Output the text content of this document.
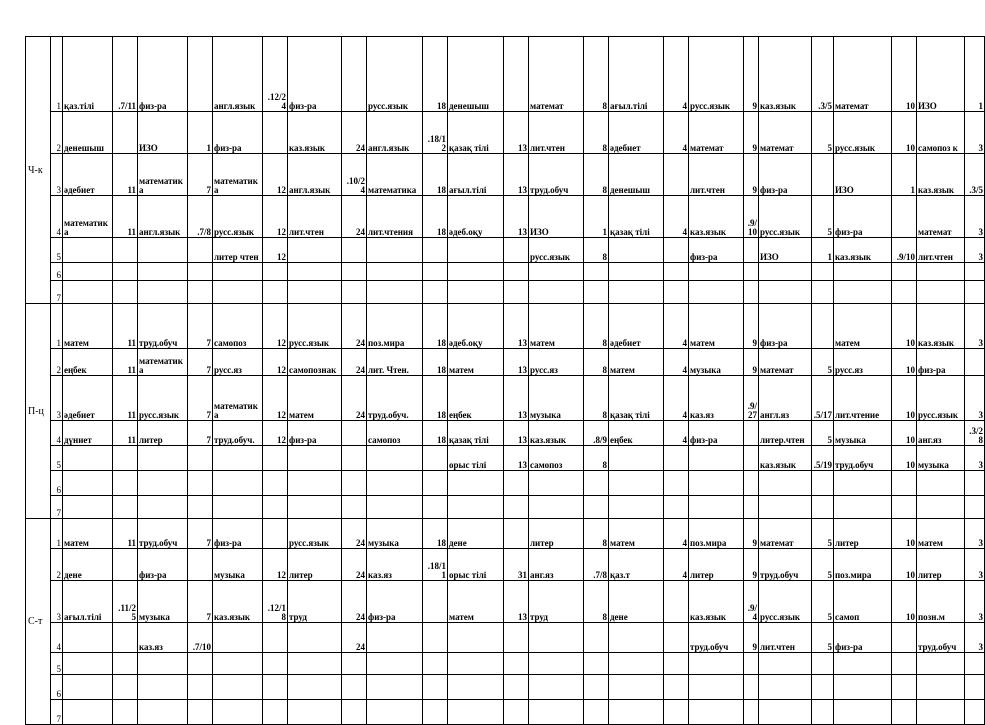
Ч-к	1	қаз.тілі	.7/11	физ-ра		англ.язык	.12/24	физ-ра		русс.язык	18	денешыш		математ	8	ағыл.тілі	4	русс.язык	9	каз.язык	.3/5	математ	10	ИЗО	1
	2	денешыш		ИЗО	1	физ-ра		каз.язык	24	англ.язык	.18/12	қазақ тілі	13	лит.чтен	8	әдебиет	4	математ	9	математ	5	русс.язык	10	самопоз к	3
	3	әдебиет	11	математика	7	математика	12	англ.язык	.10/24	математика	18	ағыл.тілі	13	труд.обуч	8	денешыш		лит.чтен	9	физ-ра		ИЗО	1	каз.язык	.3/5
	4	математика	11	англ.язык	.7/8	русс.язык	12	лит.чтен	24	лит.чтения	18	әдеб.оқу	13	ИЗО	1	қазақ тілі	4	каз.язык	.9/10	русс.язык	5	физ-ра		математ	3
	5					литер чтен	12							русс.язык	8			физ-ра		ИЗО	1	каз.язык	.9/10	лит.чтен	3
	6																								
	7																								
П-ц	1	матем	11	труд.обуч	7	самопоз	12	русс.язык	24	поз.мира	18	әдеб.оқу	13	матем	8	әдебиет	4	матем	9	физ-ра		матем	10	каз.язык	3
	2	еңбек	11	математика	7	русс.яз	12	самопознак	24	лит. Чтен.	18	матем	13	русс.яз	8	матем	4	музыка	9	математ	5	русс.яз	10	физ-ра	
	3	әдебиет	11	русс.язык	7	математика	12	матем	24	труд.обуч.	18	еңбек	13	музыка	8	қазақ тілі	4	каз.яз	.9/27	англ.яз	.5/17	лит.чтение	10	русс.язык	3
	4	дүниет	11	литер	7	труд.обуч.	12	физ-ра		самопоз	18	қазақ тілі	13	каз.язык	.8/9	еңбек	4	физ-ра		литер.чтен	5	музыка	10	анг.яз	.3/28
	5											орыс тілі	13	самопоз	8					каз.язык	.5/19	труд.обуч	10	музыка	3
	6																								
	7																								
С-т	1	матем	11	труд.обуч	7	физ-ра		русс.язык	24	музыка	18	дене		литер	8	матем	4	поз.мира	9	математ	5	литер	10	матем	3
	2	дене		физ-ра		музыка	12	литер	24	каз.яз	.18/11	орыс тілі	31	анг.яз	.7/8	қаз.т	4	литер	9	труд.обуч	5	поз.мира	10	литер	3
	3	ағыл.тілі	.11/25	музыка	7	каз.язык	.12/18	труд	24	физ-ра		матем	13	труд	8	дене		каз.язык	.9/4	русс.язык	5	самоп	10	позн.м	3
	4			каз.яз	.7/10				24									труд.обуч	9	лит.чтен	5	физ-ра		труд.обуч	3
	5																								
	6																								
	7																								
